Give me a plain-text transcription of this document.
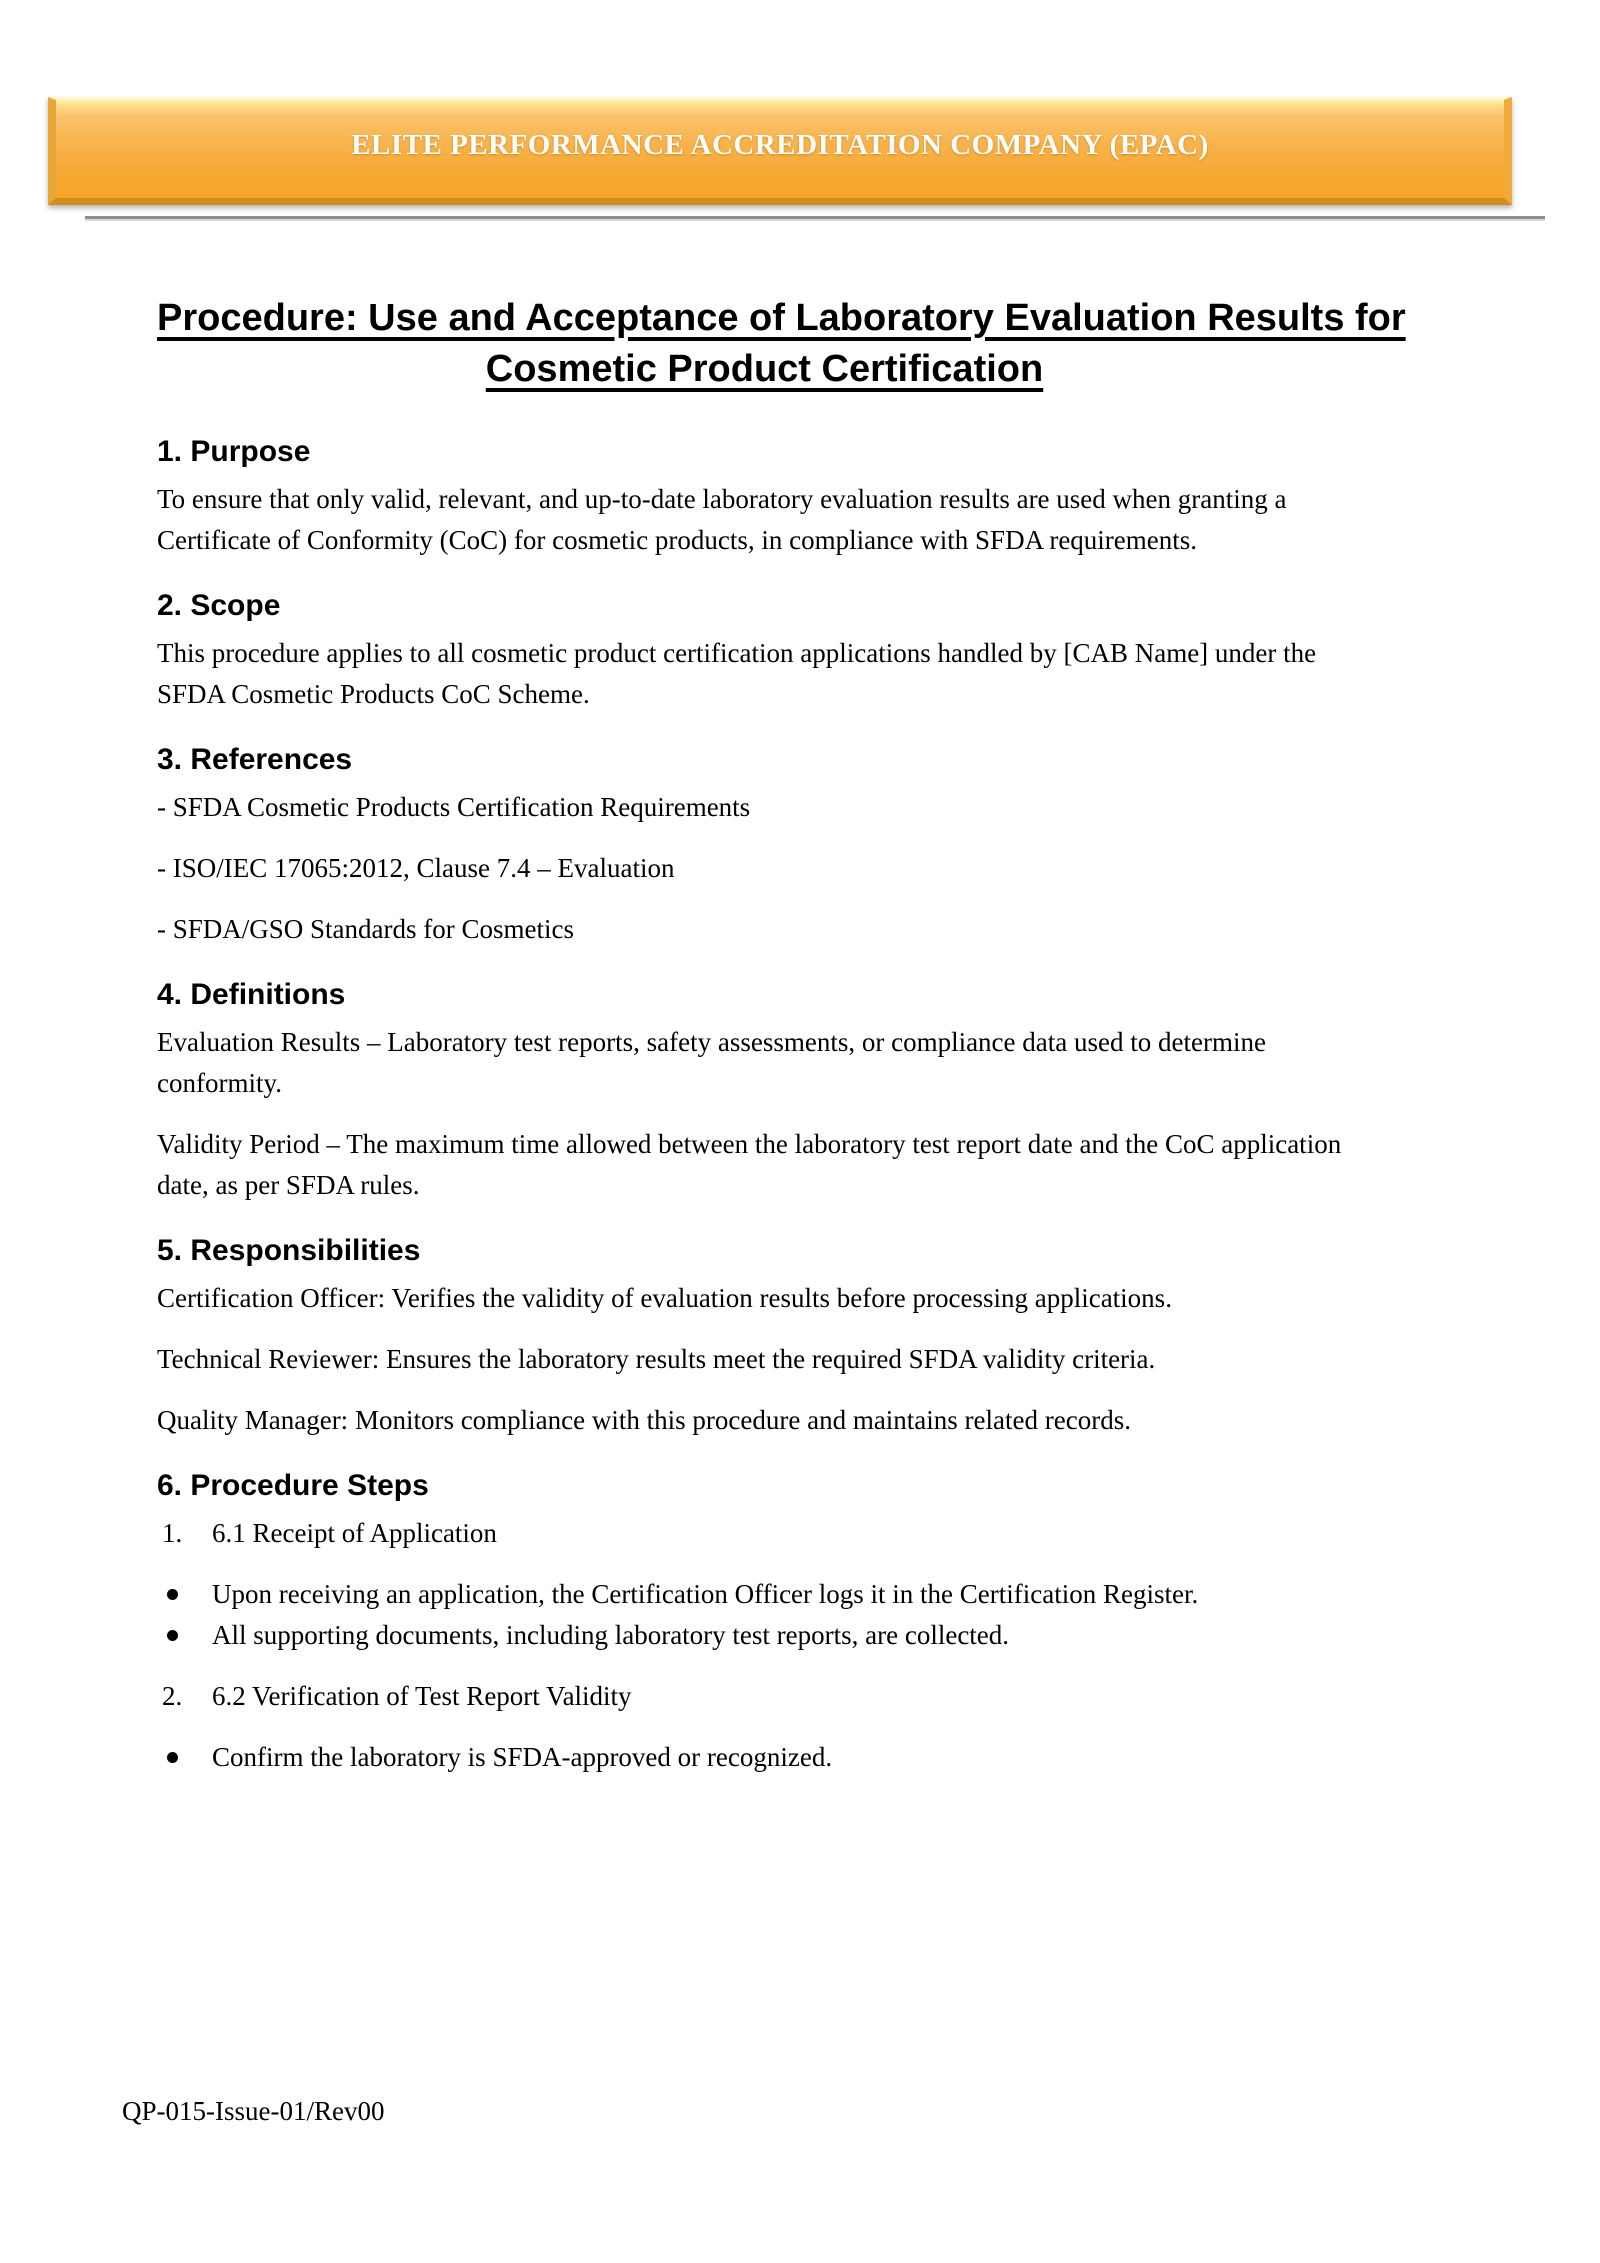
ELITE PERFORMANCE ACCREDITATION COMPANY (EPAC)
Procedure: Use and Acceptance of Laboratory Evaluation Results for
Cosmetic Product Certification
1. Purpose

To ensure that only valid, relevant, and up-to-date laboratory evaluation results are used when granting a Certificate of Conformity (CoC) for cosmetic products, in compliance with SFDA requirements.

2. Scope

This procedure applies to all cosmetic product certification applications handled by [CAB Name] under the SFDA Cosmetic Products CoC Scheme.

3. References

- SFDA Cosmetic Products Certification Requirements

- ISO/IEC 17065:2012, Clause 7.4 – Evaluation

- SFDA/GSO Standards for Cosmetics

4. Definitions

Evaluation Results – Laboratory test reports, safety assessments, or compliance data used to determine conformity.

Validity Period – The maximum time allowed between the laboratory test report date and the CoC application date, as per SFDA rules.

5. Responsibilities

Certification Officer: Verifies the validity of evaluation results before processing applications.

Technical Reviewer: Ensures the laboratory results meet the required SFDA validity criteria.

Quality Manager: Monitors compliance with this procedure and maintains related records.

6. Procedure Steps
1. 6.1 Receipt of Application
Upon receiving an application, the Certification Officer logs it in the Certification Register.
All supporting documents, including laboratory test reports, are collected.
2. 6.2 Verification of Test Report Validity
Confirm the laboratory is SFDA-approved or recognized.
QP-015-Issue-01/Rev00
